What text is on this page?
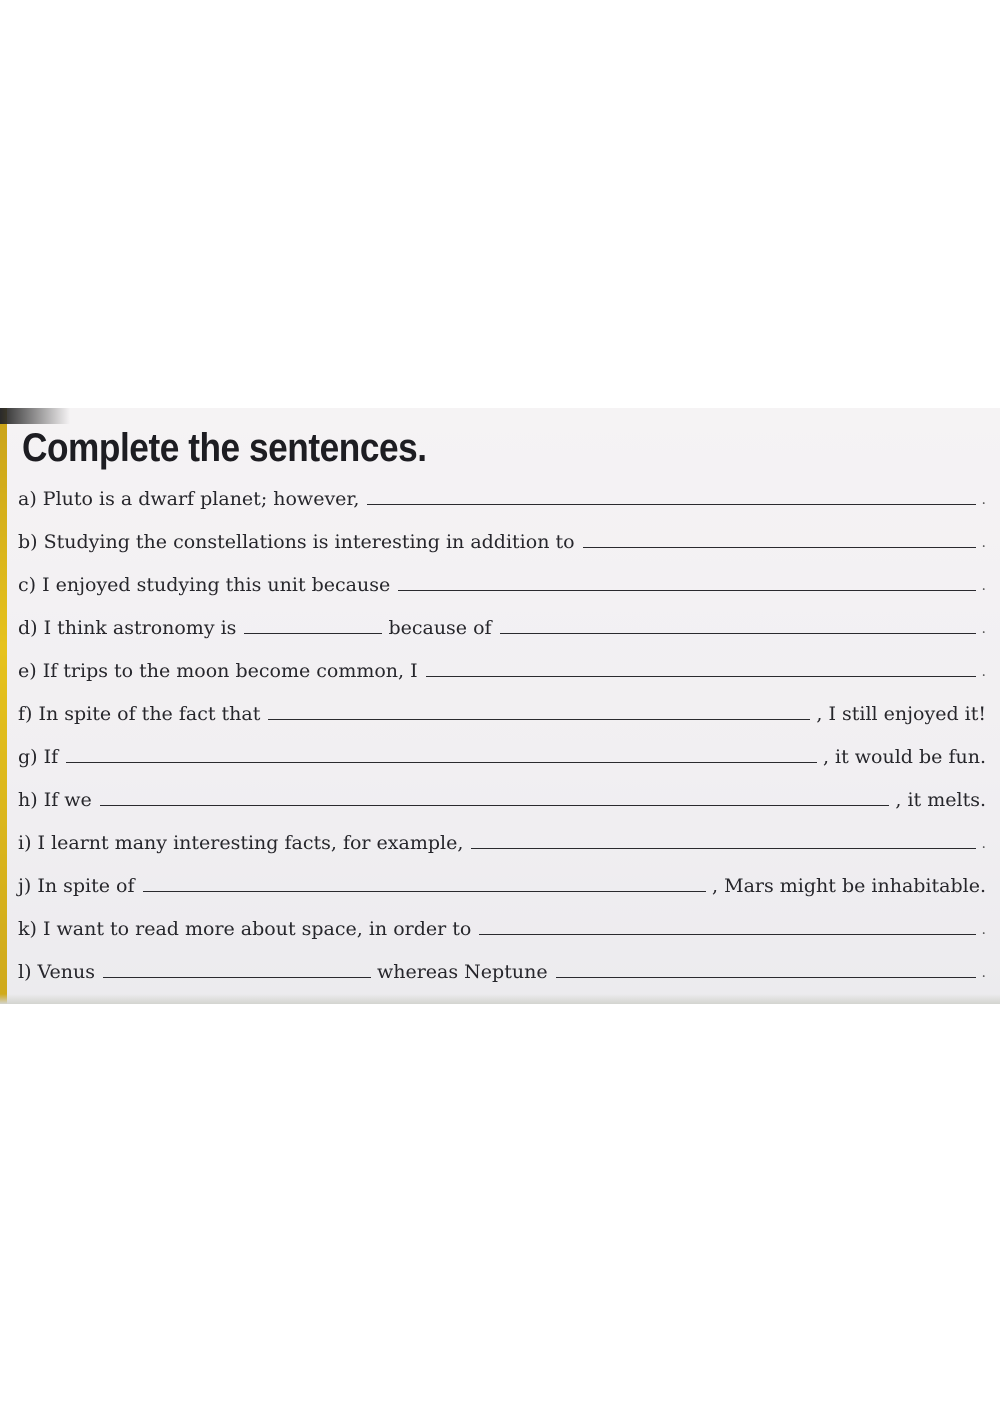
Complete the sentences.
a) Pluto is a dwarf planet; however,	.
b) Studying the constellations is interesting in addition to	.
c) I enjoyed studying this unit because	.
d) I think astronomy is	because of	.
e) If trips to the moon become common, I	.
f) In spite of the fact that	, I still enjoyed it!
g) If	, it would be fun.
h) If we	, it melts.
i) I learnt many interesting facts, for example,	.
j) In spite of	, Mars might be inhabitable.
k) I want to read more about space, in order to	.
l) Venus	whereas Neptune	.
